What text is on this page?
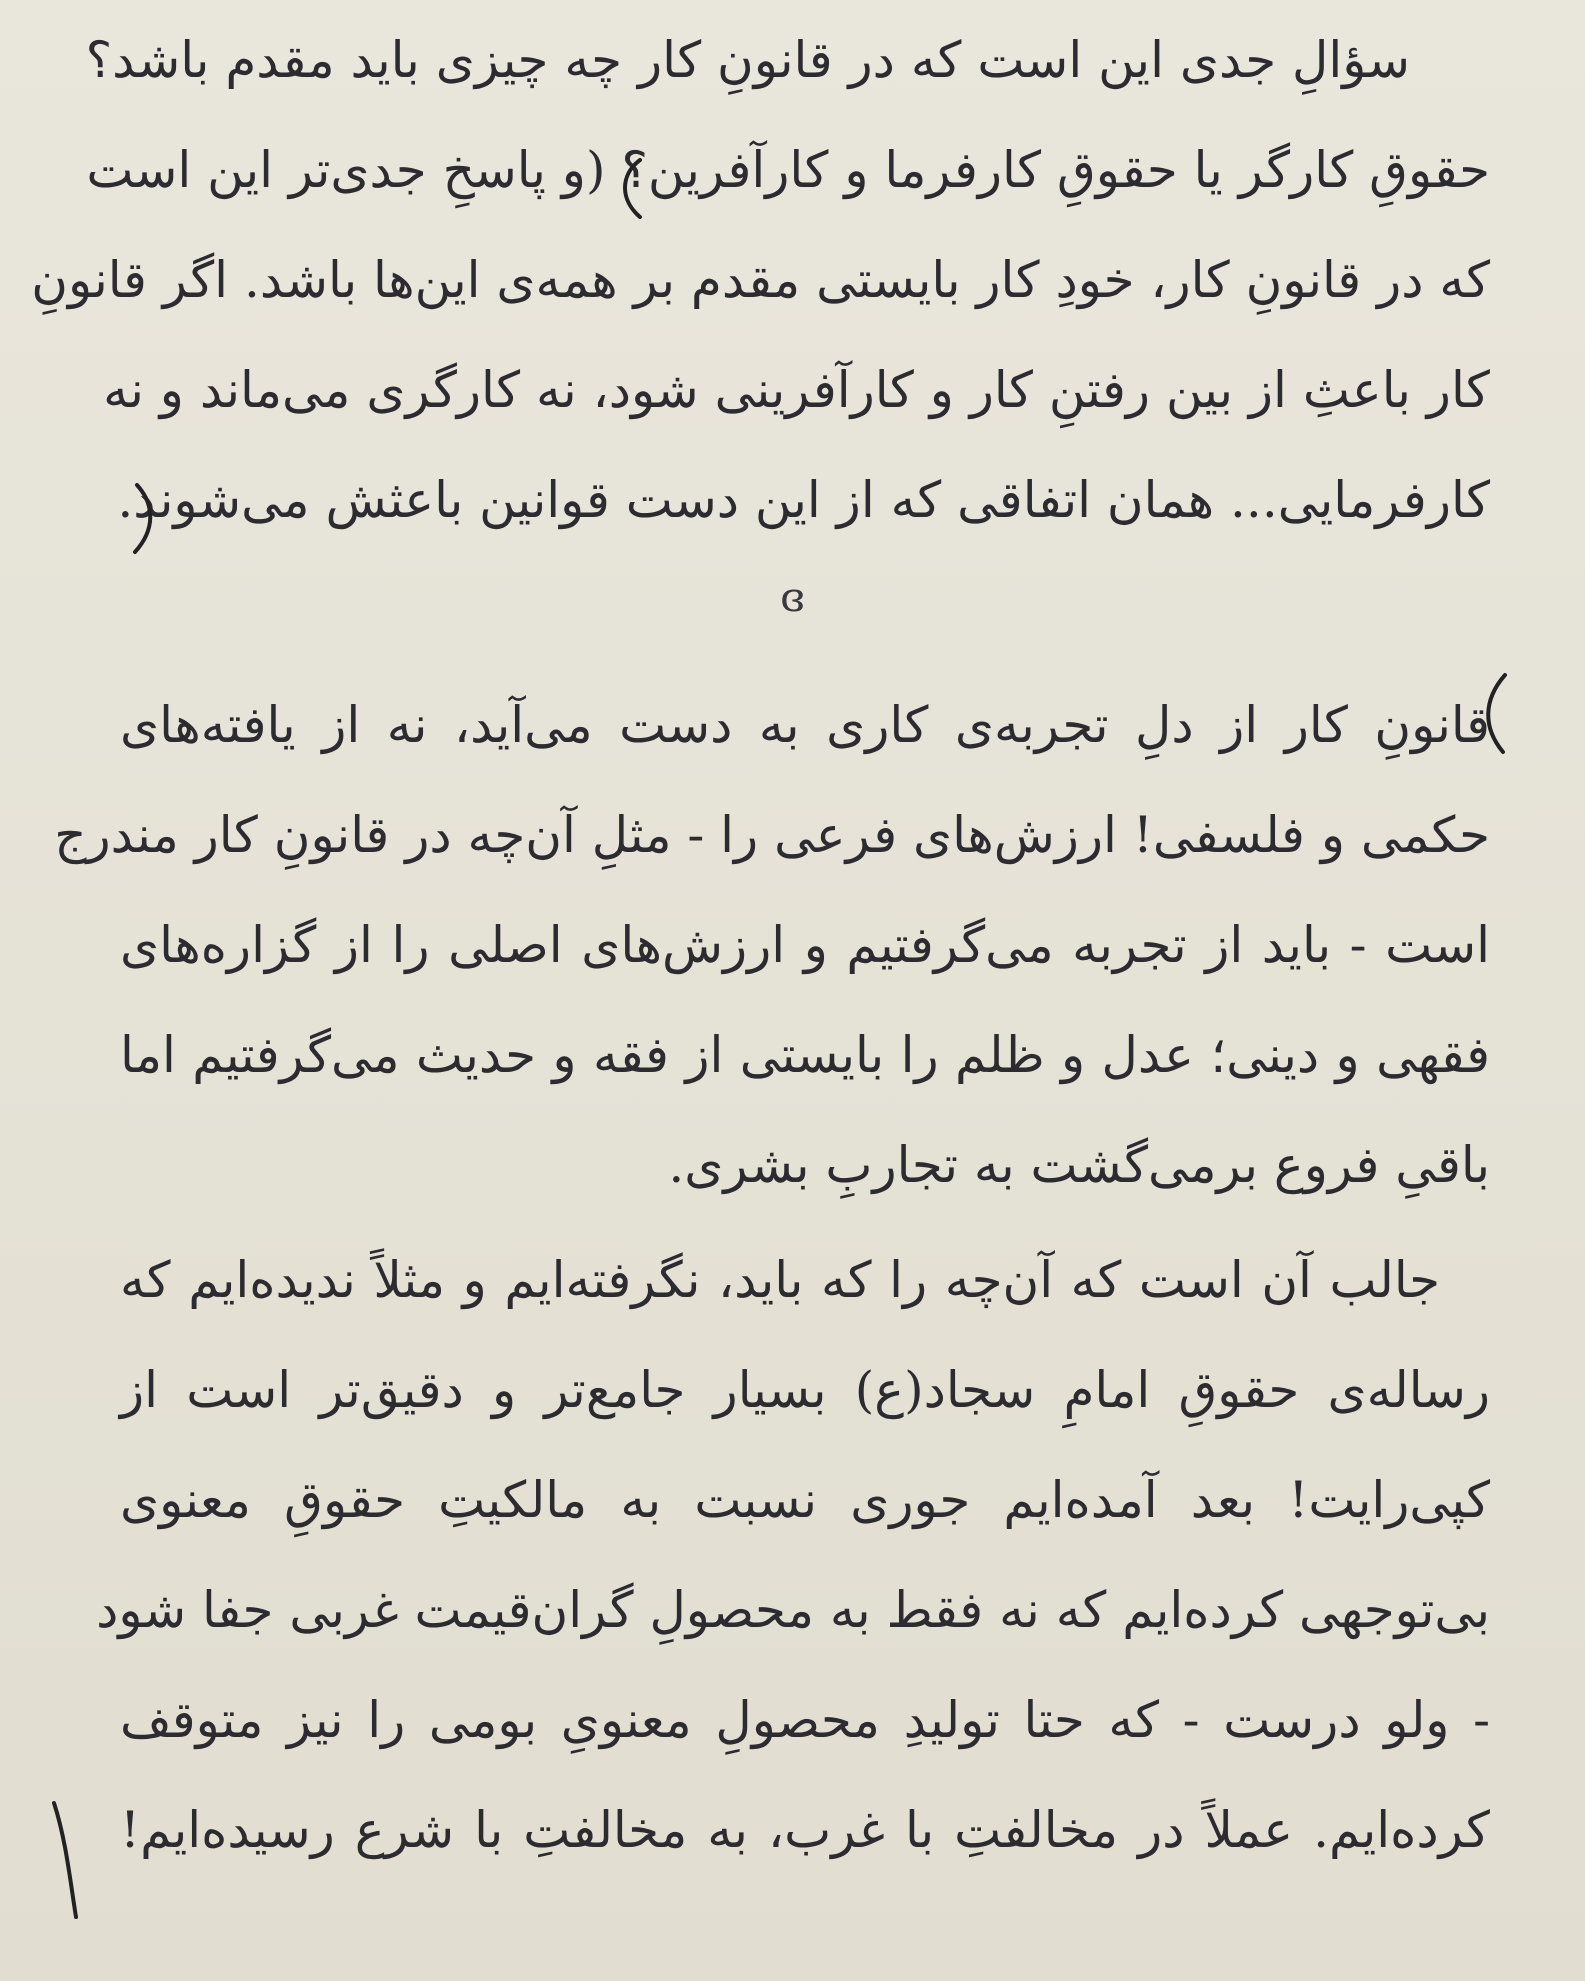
سؤالِ جدی این است که در قانونِ کار چه چیزی باید مقدم باشد؟
حقوقِ کارگر یا حقوقِ کارفرما و کارآفرین؟ (و پاسخِ جدی‌تر این است
که در قانونِ کار، خودِ کار بایستی مقدم بر همه‌ی این‌ها باشد. اگر قانونِ
کار باعثِ از بین رفتنِ کار و کارآفرینی شود، نه کارگری می‌ماند و نه
کارفرمایی... همان اتفاقی که از این دست قوانین باعثش می‌شوند.
ɞ
قانونِ کار از دلِ تجربه‌ی کاری به دست می‌آید، نه از یافته‌های
حکمی و فلسفی! ارزش‌های فرعی را - مثلِ آن‌چه در قانونِ کار مندرج
است - باید از تجربه می‌گرفتیم و ارزش‌های اصلی را از گزاره‌های
فقهی و دینی؛ عدل و ظلم را بایستی از فقه و حدیث می‌گرفتیم اما
باقیِ فروع برمی‌گشت به تجاربِ بشری.
جالب آن است که آن‌چه را که باید، نگرفته‌ایم و مثلاً ندیده‌ایم که
رساله‌ی حقوقِ امامِ سجاد(ع) بسیار جامع‌تر و دقیق‌تر است از
کپی‌رایت! بعد آمده‌ایم جوری نسبت به مالکیتِ حقوقِ معنوی
بی‌توجهی کرده‌ایم که نه فقط به محصولِ گران‌قیمت غربی جفا شود
- ولو درست - که حتا تولیدِ محصولِ معنویِ بومی را نیز متوقف
کرده‌ایم. عملاً در مخالفتِ با غرب، به مخالفتِ با شرع رسیده‌ایم!
